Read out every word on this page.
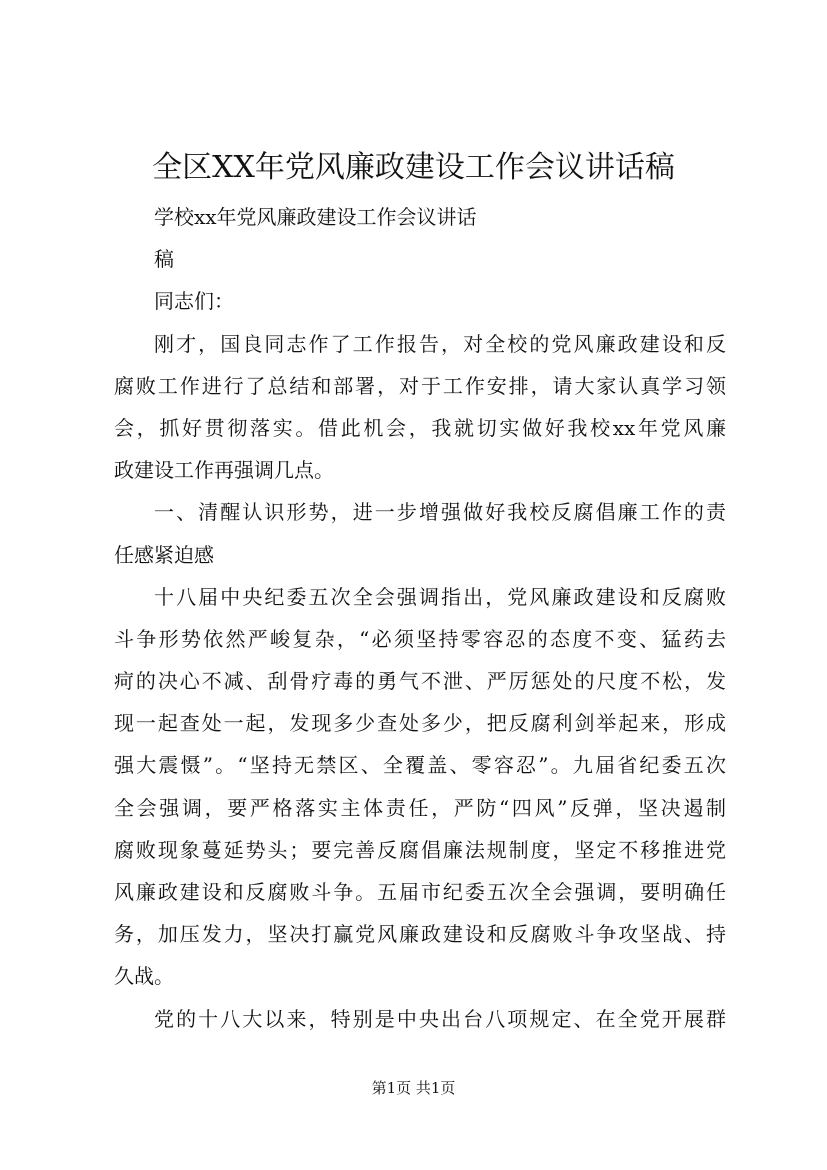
全区XX年党风廉政建设工作会议讲话稿

学校xx年党风廉政建设工作会议讲话

稿

同志们：

刚才，国良同志作了工作报告，对全校的党风廉政建设和反

腐败工作进行了总结和部署，对于工作安排，请大家认真学习领

会，抓好贯彻落实。借此机会，我就切实做好我校xx年党风廉

政建设工作再强调几点。

一、清醒认识形势，进一步增强做好我校反腐倡廉工作的责

任感紧迫感

十八届中央纪委五次全会强调指出，党风廉政建设和反腐败

斗争形势依然严峻复杂，“必须坚持零容忍的态度不变、猛药去

疴的决心不减、刮骨疗毒的勇气不泄、严厉惩处的尺度不松，发

现一起查处一起，发现多少查处多少，把反腐利剑举起来，形成

强大震慑”。“坚持无禁区、全覆盖、零容忍”。九届省纪委五次

全会强调，要严格落实主体责任，严防“四风”反弹，坚决遏制

腐败现象蔓延势头；要完善反腐倡廉法规制度，坚定不移推进党

风廉政建设和反腐败斗争。五届市纪委五次全会强调，要明确任

务，加压发力，坚决打赢党风廉政建设和反腐败斗争攻坚战、持

久战。

党的十八大以来，特别是中央出台八项规定、在全党开展群

第1页 共1页
